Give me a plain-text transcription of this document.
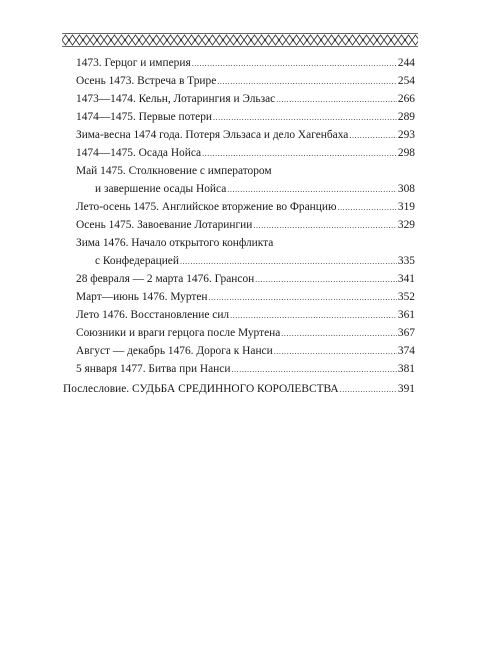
1473. Герцог и империя .....	244
Осень 1473. Встреча в Трире .....	254
1473—1474. Кельн, Лотарингия и Эльзас .....	266
1474—1475. Первые потери .....	289
Зима-весна 1474 года. Потеря Эльзаса и дело Хагенбаха .....	293
1474—1475. Осада Нойса .....	298
Май 1475. Столкновение с императором
и завершение осады Нойса .....	308
Лето-осень 1475. Английское вторжение во Францию .....	319
Осень 1475. Завоевание Лотарингии .....	329
Зима 1476. Начало открытого конфликта
с Конфедерацией .....	335
28 февраля — 2 марта 1476. Грансон .....	341
Март—июнь 1476. Муртен .....	352
Лето 1476. Восстановление сил .....	361
Союзники и враги герцога после Муртена .....	367
Август — декабрь 1476. Дорога к Нанси .....	374
5 января 1477. Битва при Нанси .....	381
Послесловие. СУДЬБА СРЕДИННОГО КОРОЛЕВСТВА .....	391
